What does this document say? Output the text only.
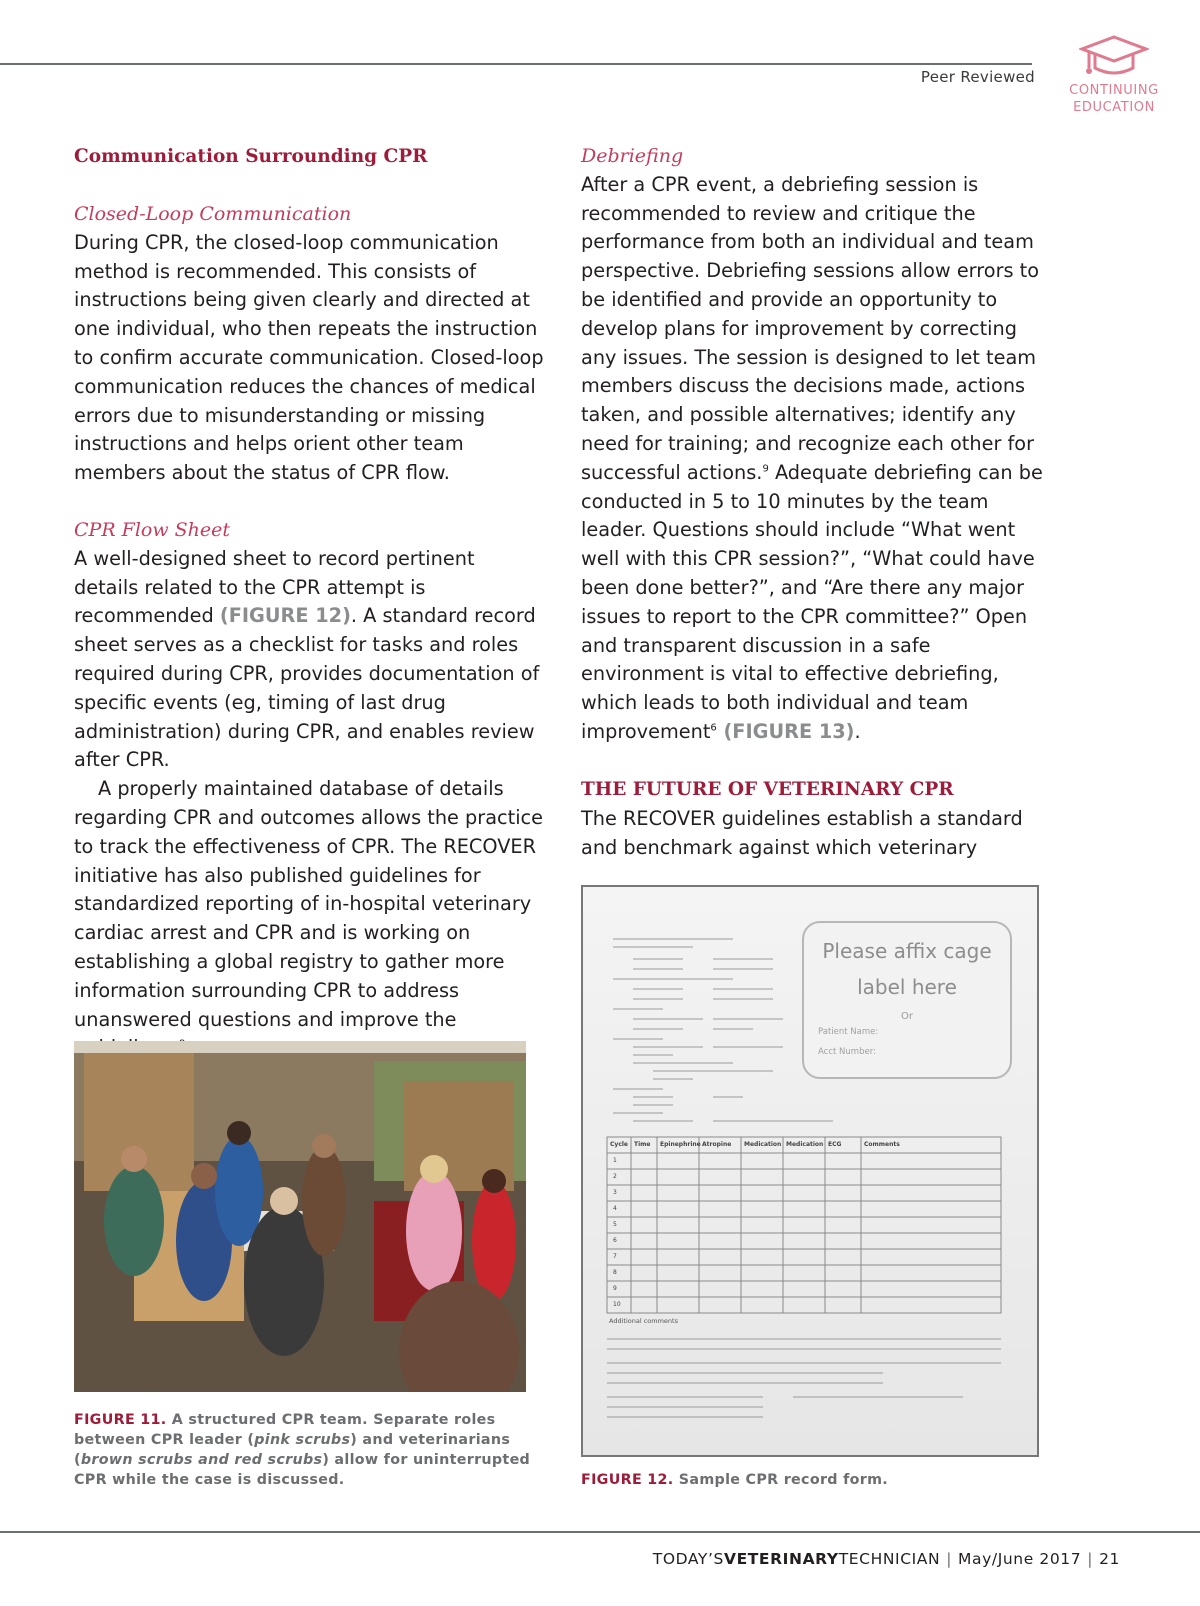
Peer Reviewed
CONTINUING
EDUCATION

Communication Surrounding CPR

Closed-Loop Communication

During CPR, the closed-loop communication method is recommended. This consists of instructions being given clearly and directed at one individual, who then repeats the instruction to confirm accurate communication. Closed-loop communication reduces the chances of medical errors due to misunderstanding or missing instructions and helps orient other team members about the status of CPR flow.

CPR Flow Sheet

A well-designed sheet to record pertinent details related to the CPR attempt is recommended (FIGURE 12). A standard record sheet serves as a checklist for tasks and roles required during CPR, provides documentation of specific events (eg, timing of last drug administration) during CPR, and enables review after CPR.

A properly maintained database of details regarding CPR and outcomes allows the practice to track the effectiveness of CPR. The RECOVER initiative has also published guidelines for standardized reporting of in-hospital veterinary cardiac arrest and CPR and is working on establishing a global registry to gather more information surrounding CPR to address unanswered questions and improve the

FIGURE 11. A structured CPR team. Separate roles between CPR leader (pink scrubs) and veterinarians (brown scrubs and red scrubs) allow for uninterrupted CPR while the case is discussed.

Debriefing

After a CPR event, a debriefing session is recommended to review and critique the performance from both an individual and team perspective. Debriefing sessions allow errors to be identified and provide an opportunity to develop plans for improvement by correcting any issues. The session is designed to let team members discuss the decisions made, actions taken, and possible alternatives; identify any need for training; and recognize each other for successful actions.$^9$ Adequate debriefing can be conducted in 5 to 10 minutes by the team leader. Questions should include “What went well with this CPR session?”, “What could have been done better?”, and “Are there any major issues to report to the CPR committee?” Open and transparent discussion in a safe environment is vital to effective debriefing, which leads to both individual and team improvement$^6$ (FIGURE 13).

THE FUTURE OF VETERINARY CPR

The RECOVER guidelines establish a standard and benchmark against which veterinary

Please affix cage
label here
Or
Patient Name:
Acct Number:
Cycle Time Epinephrine Atropine Medication Medication ECG	Comments
1
2
3
4
5
6
7
8
9
10
Additional comments
FIGURE 12. Sample CPR record form.
TODAY’SVETERINARYTECHNICIAN | May/June 2017 | 21
